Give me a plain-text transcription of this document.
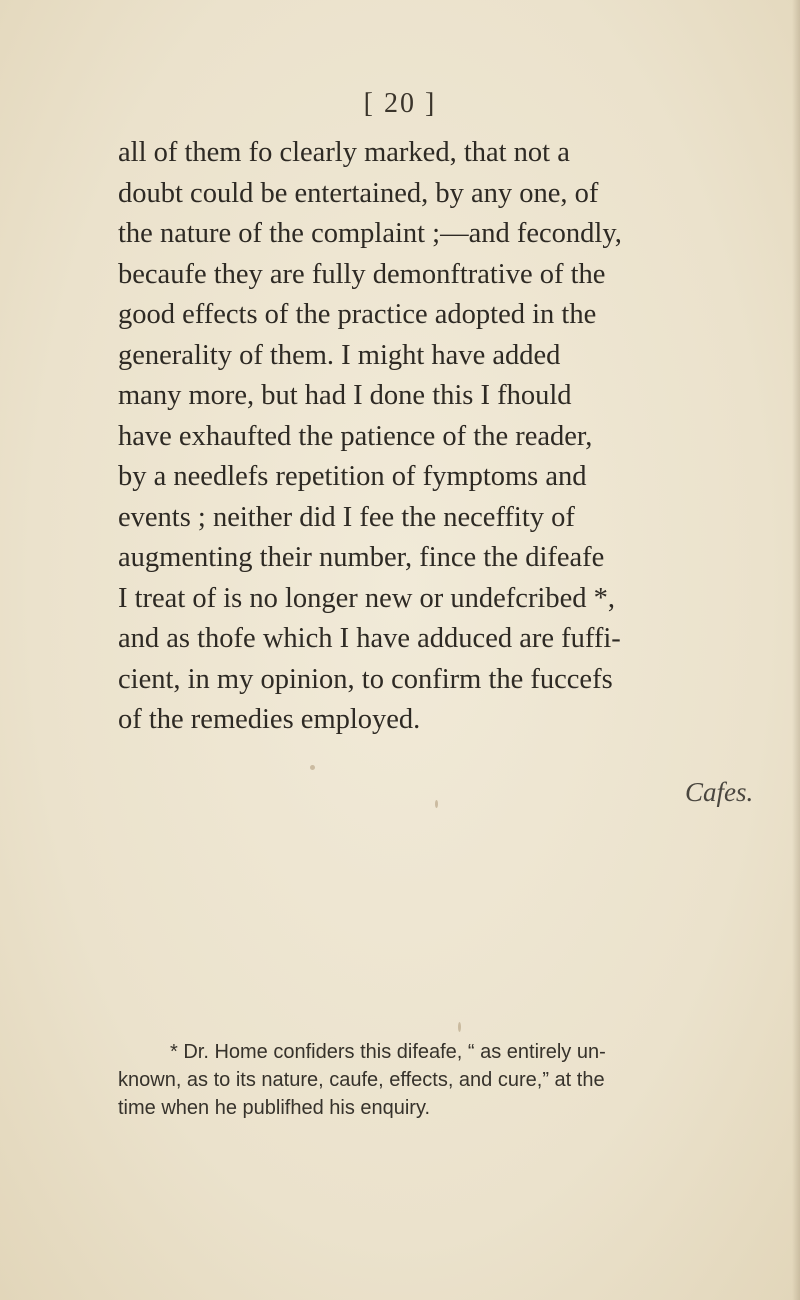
[ 20 ]
all of them fo clearly marked, that not a
doubt could be entertained, by any one, of
the nature of the complaint ;—and fecondly,
becaufe they are fully demonftrative of the
good effects of the practice adopted in the
generality of them. I might have added
many more, but had I done this I fhould
have exhaufted the patience of the reader,
by a needlefs repetition of fymptoms and
events ; neither did I fee the neceffity of
augmenting their number, fince the difeafe
I treat of is no longer new or undefcribed *,
and as thofe which I have adduced are fuffi-
cient, in my opinion, to confirm the fuccefs
of the remedies employed.
Cafes.
* Dr. Home confiders this difeafe, “ as entirely un-
known, as to its nature, caufe, effects, and cure,” at the
time when he publifhed his enquiry.
